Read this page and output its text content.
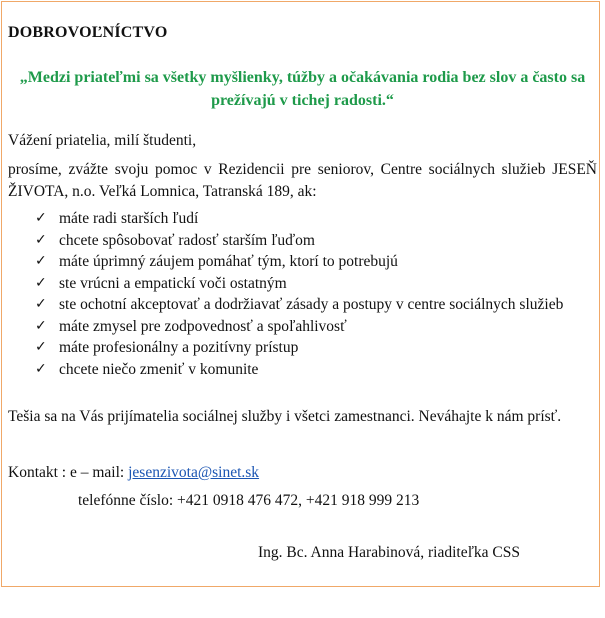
DOBROVOĽNÍCTVO
„Medzi priateľmi sa všetky myšlienky, túžby a očakávania rodia bez slov a často sa prežívajú v tichej radosti.“
Vážení priatelia, milí študenti,
prosíme, zvážte svoju pomoc v Rezidencii pre seniorov, Centre sociálnych služieb JESEŇ ŽIVOTA, n.o. Veľká Lomnica, Tatranská 189, ak:
✓ máte radi starších ľudí
✓ chcete spôsobovať radosť starším ľuďom
✓ máte úprimný záujem pomáhať tým, ktorí to potrebujú
✓ ste vrúcni a empatickí voči ostatným
✓ ste ochotní akceptovať a dodržiavať zásady a postupy v centre sociálnych služieb
✓ máte zmysel pre zodpovednosť a spoľahlivosť
✓ máte profesionálny a pozitívny prístup
✓ chcete niečo zmeniť v komunite
Tešia sa na Vás prijímatelia sociálnej služby i všetci zamestnanci. Neváhajte k nám prísť.
Kontakt : e – mail: jesenzivota@sinet.sk
telefónne číslo: +421 0918 476 472, +421 918 999 213
Ing. Bc. Anna Harabinová, riaditeľka CSS
